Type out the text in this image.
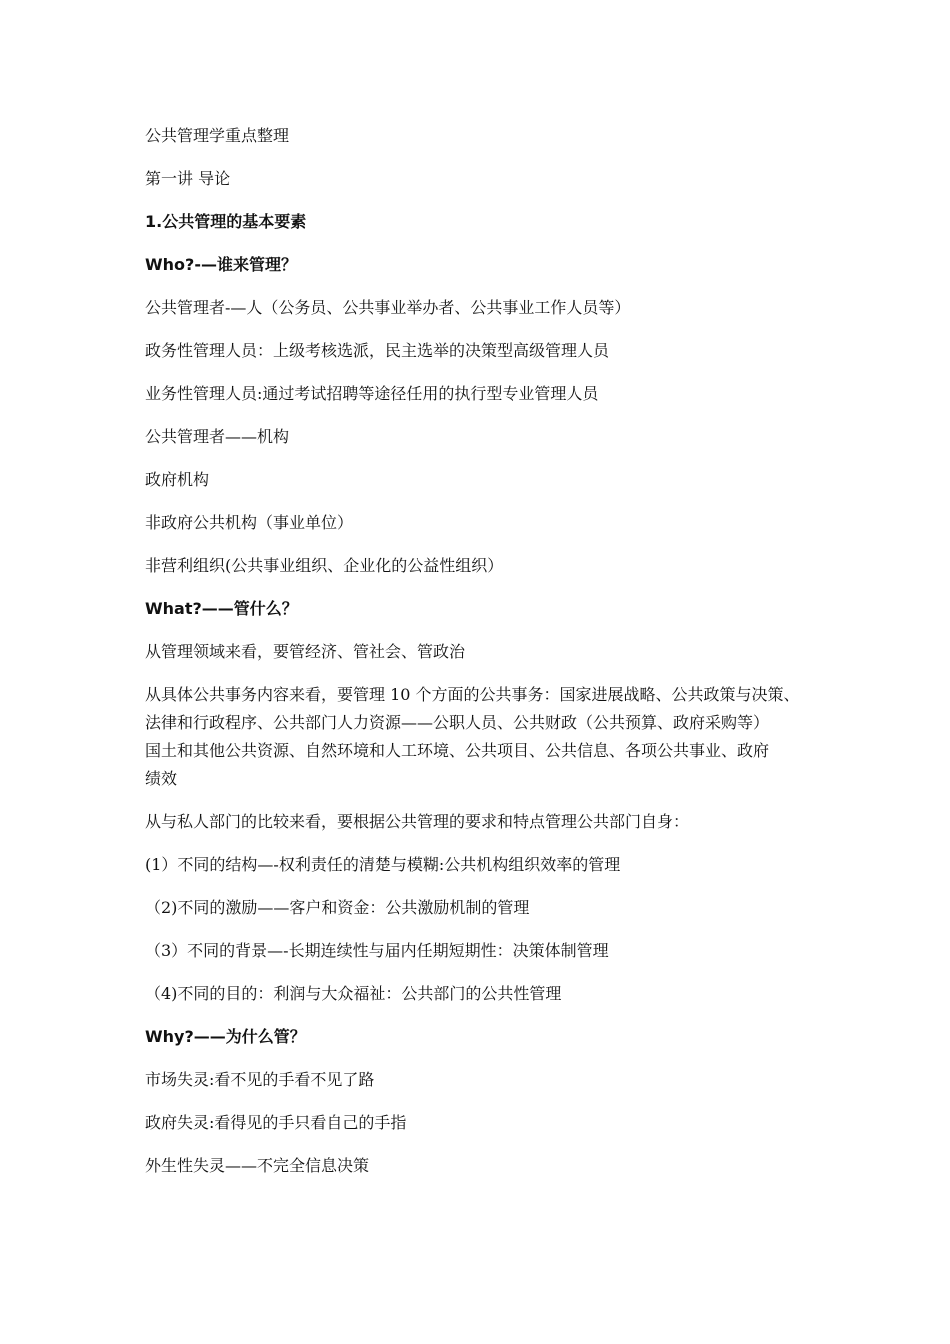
公共管理学重点整理

第一讲 导论

1.公共管理的基本要素

Who?-—谁来管理？

公共管理者-—人（公务员、公共事业举办者、公共事业工作人员等）

政务性管理人员：上级考核选派，民主选举的决策型高级管理人员

业务性管理人员:通过考试招聘等途径任用的执行型专业管理人员

公共管理者——机构

政府机构

非政府公共机构（事业单位）

非营利组织(公共事业组织、企业化的公益性组织）

What?——管什么？

从管理领域来看，要管经济、管社会、管政治

从具体公共事务内容来看，要管理 10 个方面的公共事务：国家进展战略、公共政策与决策、
法律和行政程序、公共部门人力资源——公职人员、公共财政（公共预算、政府采购等）
国土和其他公共资源、自然环境和人工环境、公共项目、公共信息、各项公共事业、政府
绩效

从与私人部门的比较来看，要根据公共管理的要求和特点管理公共部门自身：

(1）不同的结构—-权利责任的清楚与模糊:公共机构组织效率的管理

（2)不同的激励——客户和资金：公共激励机制的管理

（3）不同的背景—-长期连续性与届内任期短期性：决策体制管理

（4)不同的目的：利润与大众福祉：公共部门的公共性管理

Why?——为什么管？

市场失灵:看不见的手看不见了路

政府失灵:看得见的手只看自己的手指

外生性失灵——不完全信息决策
